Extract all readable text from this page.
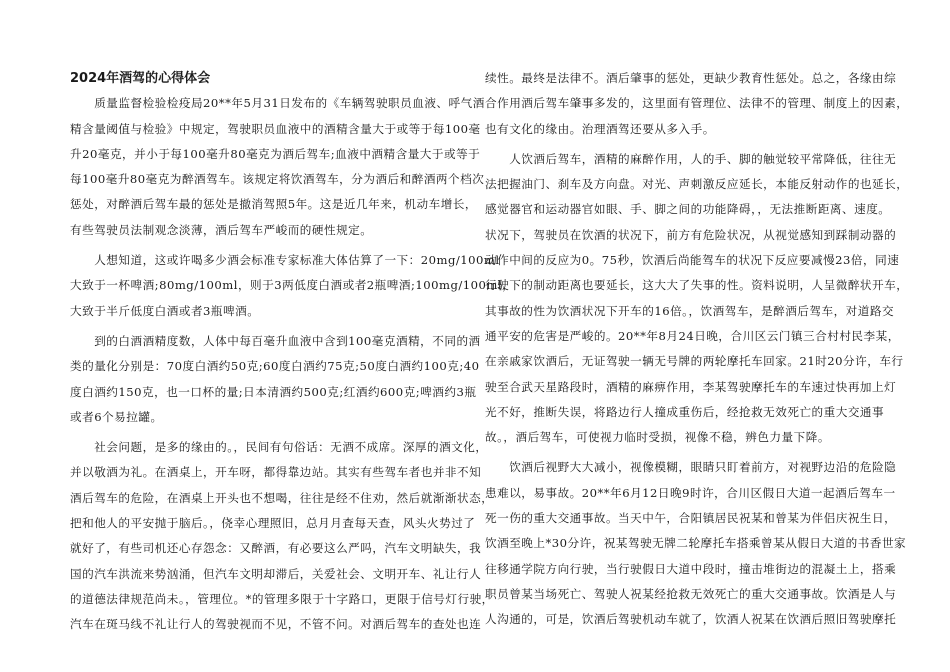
2024年酒驾的心得体会
　　质量监督检验检疫局20**年5月31日发布的《车辆驾驶职员血液、呼气酒
精含量阈值与检验》中规定，驾驶职员血液中的酒精含量大于或等于每100毫
升20毫克，并小于每100毫升80毫克为酒后驾车;血液中酒精含量大于或等于
每100毫升80毫克为醉酒驾车。该规定将饮酒驾车，分为酒后和醉酒两个档次
惩处，对醉酒后驾车最的惩处是撤消驾照5年。这是近几年来，机动车增长，
有些驾驶员法制观念淡薄，酒后驾车严峻而的硬性规定。
　　人想知道，这或许喝多少酒会标准专家标准大体估算了一下：20mg/100ml
大致于一杯啤酒;80mg/100ml，则于3两低度白酒或者2瓶啤酒;100mg/100ml，
大致于半斤低度白酒或者3瓶啤酒。
　　到的白酒酒精度数，人体中每百毫升血液中含到100毫克酒精，不同的酒
类的量化分别是：70度白酒约50克;60度白酒约75克;50度白酒约100克;40
度白酒约150克，也一口杯的量;日本清酒约500克;红酒约600克;啤酒约3瓶
或者6个易拉罐。
　　社会问题，是多的缘由的。，民间有句俗话：无酒不成席。深厚的酒文化，
并以敬酒为礼。在酒桌上，开车呀，都得靠边站。其实有些驾车者也并非不知
酒后驾车的危险，在酒桌上开头也不想喝，往往是经不住劝，然后就渐渐状态，
把和他人的平安抛于脑后。，侥幸心理照旧，总月月査每天查，风头火势过了
就好了，有些司机还心存怨念：又醉酒，有必要这么严吗，汽车文明缺失，我
国的汽车洪流来势汹涌，但汽车文明却滞后，关爱社会、文明开车、礼让行人
的道德法律规范尚未。，管理位。*的管理多限于十字路口，更限于信号灯行驶，
汽车在斑马线不礼让行人的驾驶视而不见，不管不问。对酒后驾车的查处也连
续性。最终是法律不。酒后肇事的惩处，更缺少教育性惩处。总之，各缘由综
合作用酒后驾车肇事多发的，这里面有管理位、法律不的管理、制度上的因素，
也有文化的缘由。治理酒驾还要从多入手。
　　人饮酒后驾车，酒精的麻醉作用，人的手、脚的触觉较平常降低，往往无
法把握油门、刹车及方向盘。对光、声刺激反应延长，本能反射动作的也延长，
感觉器官和运动器官如眼、手、脚之间的功能降碍，，无法推断距离、速度。
状况下，驾驶员在饮酒的状况下，前方有危险状况，从视觉感知到踩制动器的
动作中间的反应为0。75秒，饮酒后尚能驾车的状况下反应要减慢23倍，同速
行驶下的制动距离也要延长，这大大了失事的性。资料说明，人呈微醉状开车，
其事故的性为饮酒状况下开车的16倍。，饮酒驾车，是醉酒后驾车，对道路交
通平安的危害是严峻的。20**年8月24日晚，合川区云门镇三合村村民李某，
在亲戚家饮酒后，无证驾驶一辆无号牌的两轮摩托车回家。21时20分许，车行
驶至合武天星路段时，酒精的麻痹作用，李某驾驶摩托车的车速过快再加上灯
光不好，推断失误，将路边行人撞成重伤后，经抢救无效死亡的重大交通事
故。，酒后驾车，可使视力临时受损，视像不稳，辨色力量下降。
　　饮酒后视野大大减小，视像模糊，眼睛只盯着前方，对视野边沿的危险隐
患难以，易事故。20**年6月12日晚9时许，合川区假日大道一起酒后驾车一
死一伤的重大交通事故。当天中午，合阳镇居民祝某和曾某为伴侣庆祝生日，
饮酒至晚上*30分许，祝某驾驶无牌二轮摩托车搭乘曾某从假日大道的书香世家
往移通学院方向行驶，当行驶假日大道中段时，撞击堆街边的混凝土上，搭乘
职员曾某当场死亡、驾驶人祝某经抢救无效死亡的重大交通事故。饮酒是人与
人沟通的，可是，饮酒后驾驶机动车就了，饮酒人祝某在饮酒后照旧驾驶摩托
